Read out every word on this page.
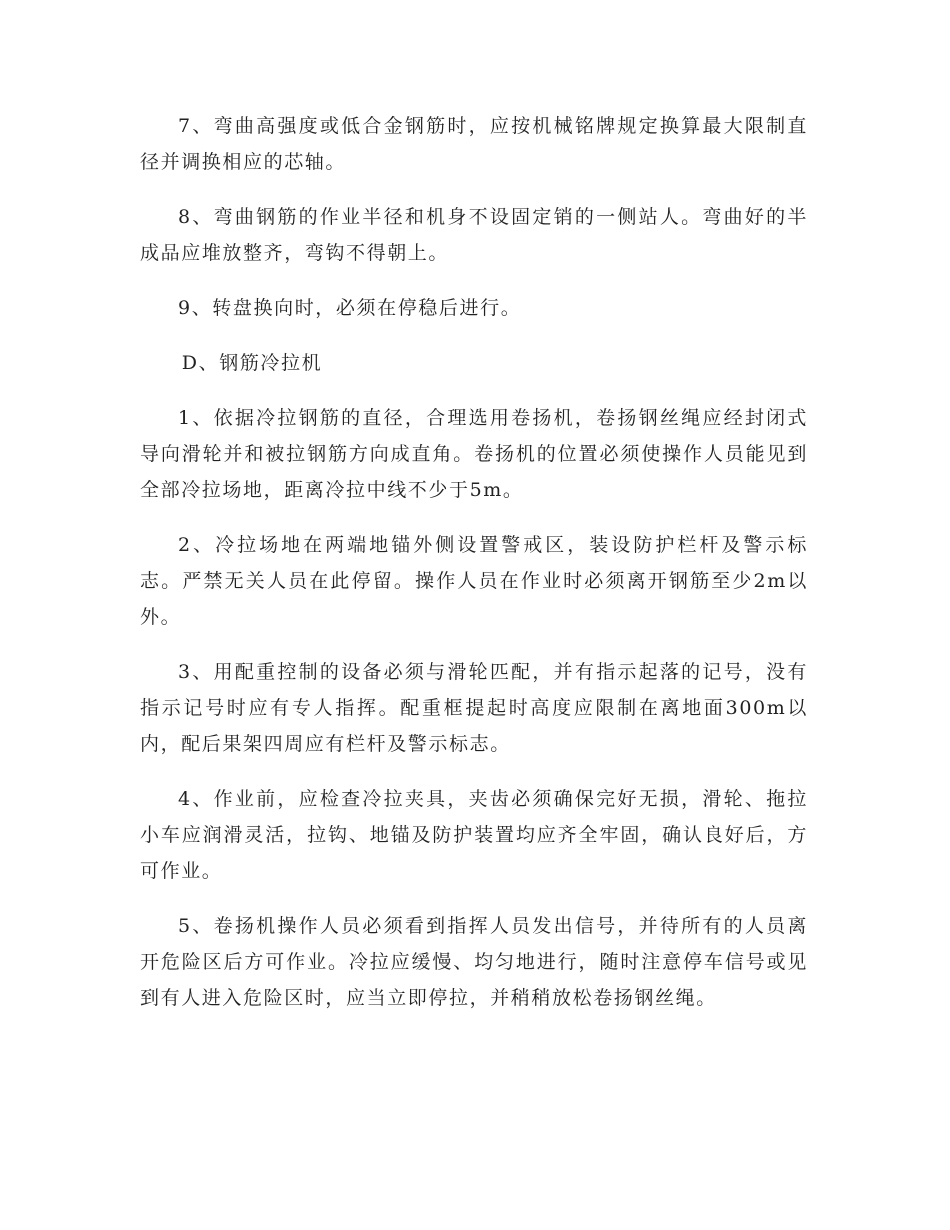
7、弯曲高强度或低合金钢筋时，应按机械铭牌规定换算最大限制直径并调换相应的芯轴。

8、弯曲钢筋的作业半径和机身不设固定销的一侧站人。弯曲好的半成品应堆放整齐，弯钩不得朝上。

9、转盘换向时，必须在停稳后进行。

D、钢筋冷拉机

1、依据冷拉钢筋的直径，合理选用卷扬机，卷扬钢丝绳应经封闭式导向滑轮并和被拉钢筋方向成直角。卷扬机的位置必须使操作人员能见到全部冷拉场地，距离冷拉中线不少于5m。

2、冷拉场地在两端地锚外侧设置警戒区，装设防护栏杆及警示标志。严禁无关人员在此停留。操作人员在作业时必须离开钢筋至少2m以外。

3、用配重控制的设备必须与滑轮匹配，并有指示起落的记号，没有指示记号时应有专人指挥。配重框提起时高度应限制在离地面300m以内，配后果架四周应有栏杆及警示标志。

4、作业前，应检查冷拉夹具，夹齿必须确保完好无损，滑轮、拖拉小车应润滑灵活，拉钩、地锚及防护装置均应齐全牢固，确认良好后，方可作业。

5、卷扬机操作人员必须看到指挥人员发出信号，并待所有的人员离开危险区后方可作业。冷拉应缓慢、均匀地进行，随时注意停车信号或见到有人进入危险区时，应当立即停拉，并稍稍放松卷扬钢丝绳。
